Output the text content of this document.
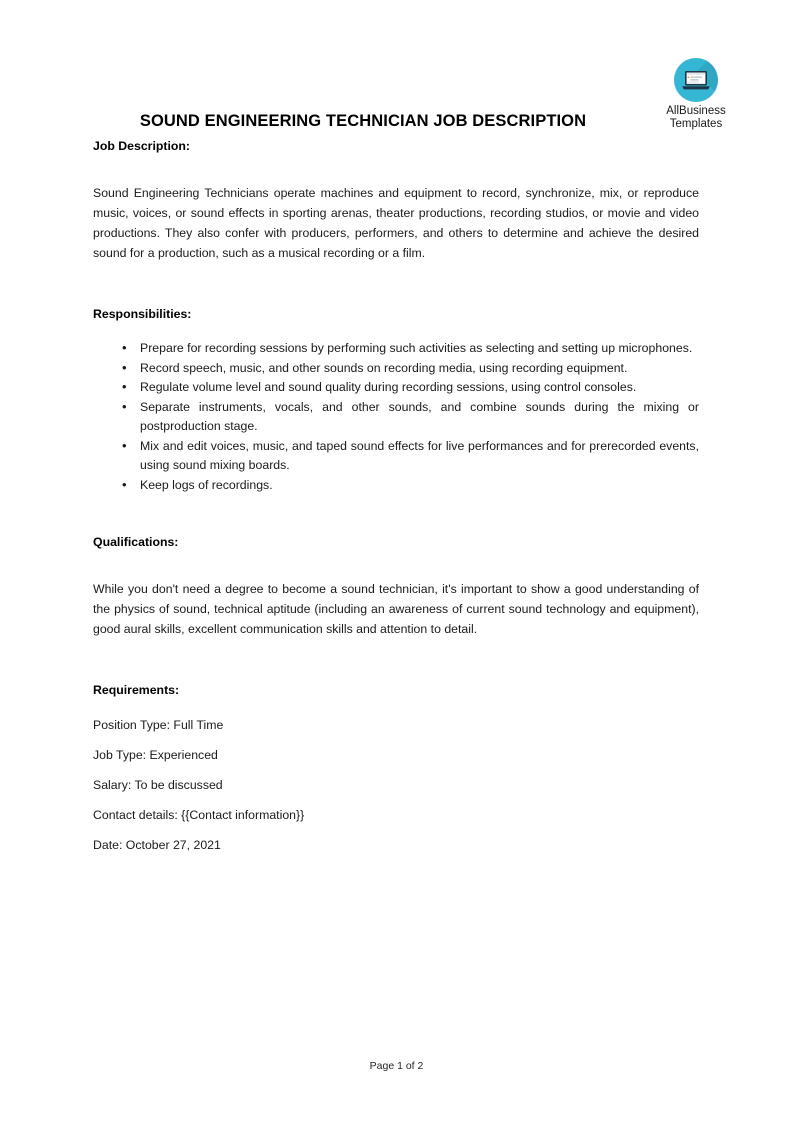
AllBusiness
Templates
SOUND ENGINEERING TECHNICIAN JOB DESCRIPTION
Job Description:

Sound Engineering Technicians operate machines and equipment to record, synchronize, mix, or reproduce music, voices, or sound effects in sporting arenas, theater productions, recording studios, or movie and video productions. They also confer with producers, performers, and others to determine and achieve the desired sound for a production, such as a musical recording or a film.

Responsibilities:
• Prepare for recording sessions by performing such activities as selecting and setting up microphones.
• Record speech, music, and other sounds on recording media, using recording equipment.
• Regulate volume level and sound quality during recording sessions, using control consoles.
• Separate instruments, vocals, and other sounds, and combine sounds during the mixing or postproduction stage.
• Mix and edit voices, music, and taped sound effects for live performances and for prerecorded events, using sound mixing boards.
• Keep logs of recordings.
Qualifications:

While you don't need a degree to become a sound technician, it's important to show a good understanding of the physics of sound, technical aptitude (including an awareness of current sound technology and equipment), good aural skills, excellent communication skills and attention to detail.

Requirements:

Position Type: Full Time

Job Type: Experienced

Salary: To be discussed

Contact details: {{Contact information}}

Date: October 27, 2021

Page 1 of 2
